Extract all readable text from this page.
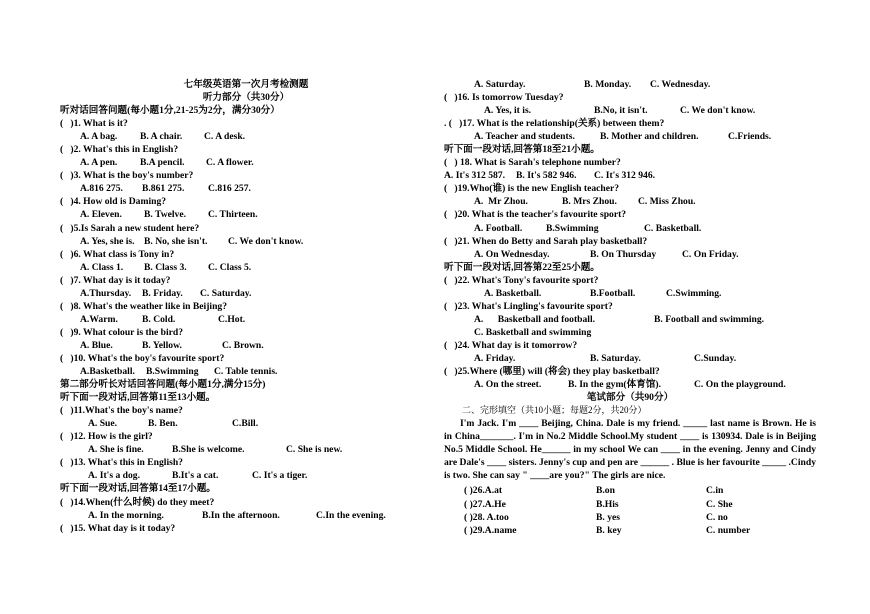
七年级英语第一次月考检测题
听力部分（共30分）
听对话回答问题(每小题1分,21-25为2分，满分30分）
(   )1. What is it?
A. A bag.	B. A chair.	C. A desk.
(   )2. What's this in English?
A. A pen.	B.A pencil.	C. A flower.
(   )3. What is the boy's number?
A.816 275.	B.861 275.	C.816 257.
(   )4. How old is Daming?
A. Eleven.	B. Twelve.	C. Thirteen.
(   )5.Is Sarah a new student here?
A. Yes, she is. B. No, she isn't.	C. We don't know.
(   )6. What class is Tony in?
A. Class 1.	B. Class 3.	C. Class 5.
(   )7. What day is it today?
A.Thursday.	B. Friday.	C. Saturday.
(   )8. What's the weather like in Beijing?
A.Warm.	B. Cold.	C.Hot.
(   )9. What colour is the bird?
A. Blue.	B. Yellow.	C. Brown.
(   )10. What's the boy's favourite sport?
A.Basketball.	B.Swimming	C. Table tennis.
第二部分听长对话回答问题(每小题1分,满分15分)
听下面一段对话,回答第11至13小题。
(   )11.What's the boy's name?
A. Sue.	B. Ben.	C.Bill.
(   )12. How is the girl?
A. She is fine.	B.She is welcome.	C. She is new.
(   )13. What's this in English?
A. It's a dog.	B.It's a cat.	C. It's a tiger.
听下面一段对话,回答第14至17小题。
(   )14.When(什么时候) do they meet?
A. In the morning.	B.In the afternoon.	C.In the evening.
(   )15. What day is it today?
A. Saturday.	B. Monday.	C. Wednesday.
(   )16. Is tomorrow Tuesday?
A. Yes, it is.	B.No, it isn't.	C. We don't know.
. (   )17. What is the relationship(关系) between them?
A. Teacher and students.	B. Mother and children.	C.Friends.
听下面一段对话,回答第18至21小题。
(   ) 18. What is Sarah's telephone number?
A. It's 312 587.	B. It's 582 946.	C. It's 312 946.
(   )19.Who(谁) is the new English teacher?
A.  Mr Zhou.	B. Mrs Zhou.	C. Miss Zhou.
(   )20. What is the teacher's favourite sport?
A. Football.	B.Swimming	C. Basketball.
(   )21. When do Betty and Sarah play basketball?
A. On Wednesday.	B. On Thursday	C. On Friday.
听下面一段对话,回答第22至25小题。
(   )22. What's Tony's favourite sport?
A. Basketball.	B.Football.	C.Swimming.
(   )23. What's Lingling's favourite sport?
A.      Basketball and football.	B. Football and swimming.
C. Basketball and swimming
(   )24. What day is it tomorrow?
A. Friday.	B. Saturday.	C.Sunday.
(   )25.Where (哪里) will (将会) they play basketball?
A. On the street.	B. In the gym(体育馆).	C. On the playground.
笔试部分（共90分）
二、完形填空（共10小题；每题2分，共20分）
I'm Jack. I'm ____ Beijing, China. Dale is my friend. _____ last name is Brown. He is in China_______. I'm in No.2 Middle School.My student ____ is 130934. Dale is in Beijing No.5 Middle School. He______ in my school We can ____ in the evening. Jenny and Cindy are Dale's ____ sisters. Jenny's cup and pen are ______ . Blue is her favourite _____ .Cindy is two. She can say " ____are you?" The girls are nice.
( )26.A.at	B.on	C.in
( )27.A.He	B.His	C. She
( )28. A.too	B. yes	C. no
( )29.A.name	B. key	C. number
